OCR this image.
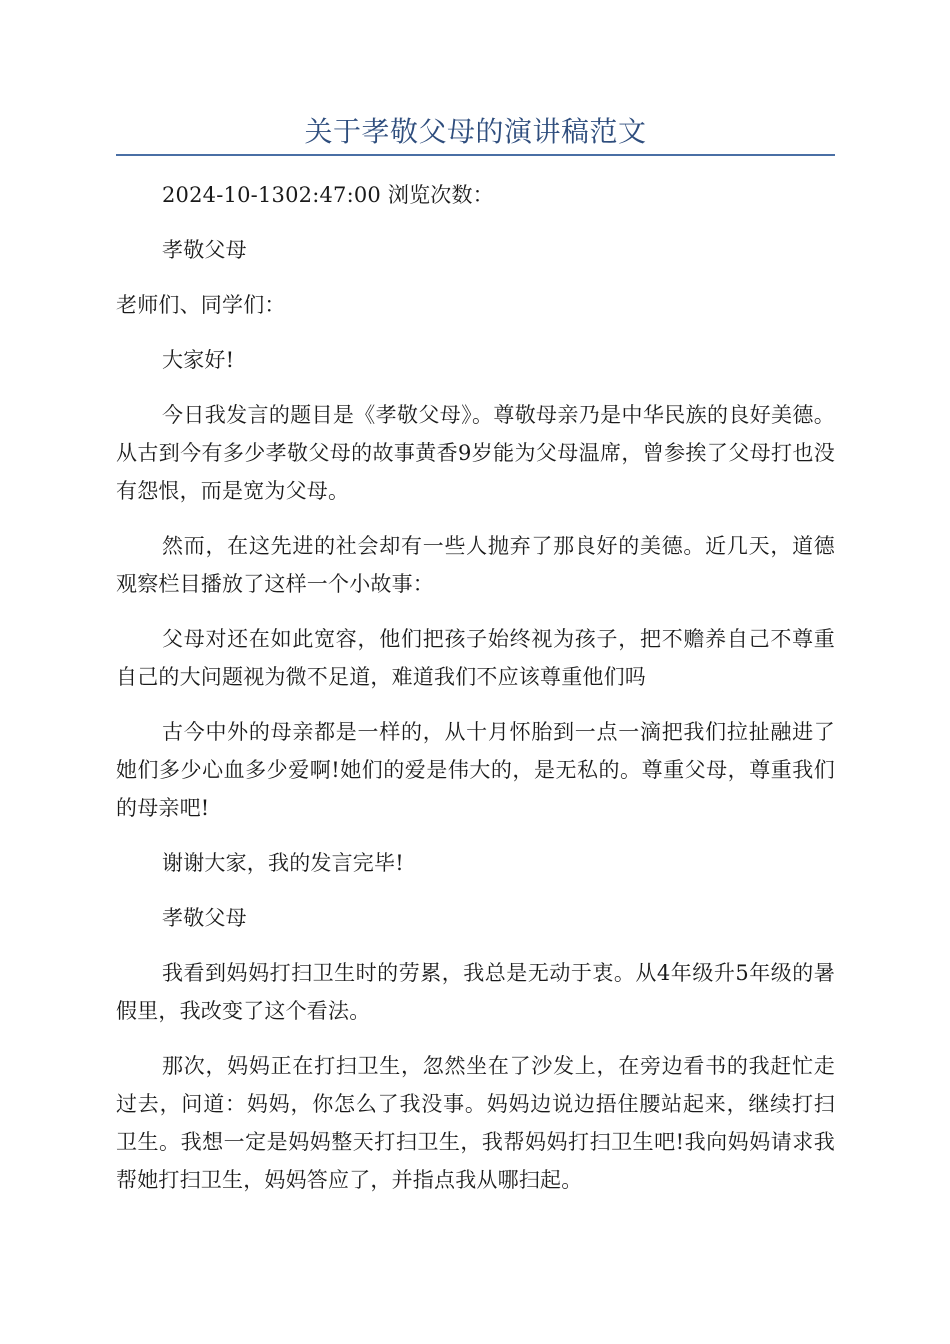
关于孝敬父母的演讲稿范文

2024-10-1302:47:00 浏览次数：

孝敬父母

老师们、同学们：

大家好!

今日我发言的题目是《孝敬父母》。尊敬母亲乃是中华民族的良好美德。从古到今有多少孝敬父母的故事黄香9岁能为父母温席，曾参挨了父母打也没有怨恨，而是宽为父母。

然而，在这先进的社会却有一些人抛弃了那良好的美德。近几天，道德观察栏目播放了这样一个小故事：

父母对还在如此宽容，他们把孩子始终视为孩子，把不赡养自己不尊重自己的大问题视为微不足道，难道我们不应该尊重他们吗

古今中外的母亲都是一样的，从十月怀胎到一点一滴把我们拉扯融进了她们多少心血多少爱啊!她们的爱是伟大的，是无私的。尊重父母，尊重我们的母亲吧!

谢谢大家，我的发言完毕!

孝敬父母

我看到妈妈打扫卫生时的劳累，我总是无动于衷。从4年级升5年级的暑假里，我改变了这个看法。

那次，妈妈正在打扫卫生，忽然坐在了沙发上，在旁边看书的我赶忙走过去，问道：妈妈，你怎么了我没事。妈妈边说边捂住腰站起来，继续打扫卫生。我想一定是妈妈整天打扫卫生，我帮妈妈打扫卫生吧!我向妈妈请求我帮她打扫卫生，妈妈答应了，并指点我从哪扫起。
